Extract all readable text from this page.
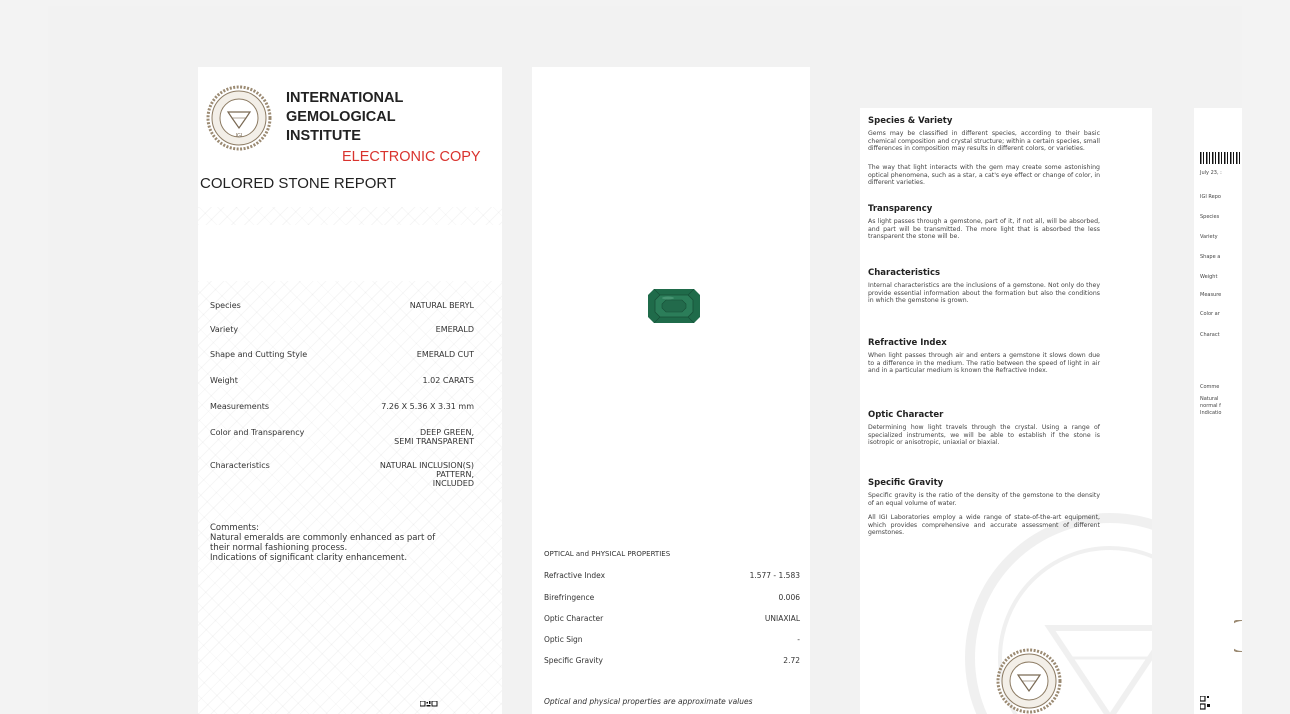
IGI
INTERNATIONAL
GEMOLOGICAL
INSTITUTE
ELECTRONIC COPY
COLORED STONE REPORT
Species	NATURAL BERYL
Variety	EMERALD
Shape and Cutting Style	EMERALD CUT
Weight	1.02 CARATS
Measurements	7.26 X 5.36 X 3.31 mm
Color and Transparency	DEEP GREEN,
SEMI TRANSPARENT
Characteristics	NATURAL INCLUSION(S)
PATTERN,
INCLUDED
Comments:
Natural emeralds are commonly enhanced as part of
their normal fashioning process.
Indications of significant clarity enhancement.	OPTICAL and PHYSICAL PROPERTIES
Refractive Index	1.577 - 1.583
Birefringence	0.006
Optic Character	UNIAXIAL
Optic Sign	-
Specific Gravity	2.72
Optical and physical properties are approximate values
Species & Variety
Gems may be classified in different species, according to their basic chemical composition and crystal structure; within a certain species, small differences in composition may results in different colors, or varieties.
The way that light interacts with the gem may create some astonishing optical phenomena, such as a star, a cat's eye effect or change of color, in different varieties.
Transparency
As light passes through a gemstone, part of it, if not all, will be absorbed, and part will be transmitted. The more light that is absorbed the less transparent the stone will be.
Characteristics
Internal characteristics are the inclusions of a gemstone. Not only do they provide essential information about the formation but also the conditions in which the gemstone is grown.
Refractive Index
When light passes through air and enters a gemstone it slows down due to a difference in the medium. The ratio between the speed of light in air and in a particular medium is known the Refractive Index.
Optic Character
Determining how light travels through the crystal. Using a range of specialized instruments, we will be able to establish if the stone is isotropic or anisotropic, uniaxial or biaxial.
Specific Gravity
Specific gravity is the ratio of the density of the gemstone to the density of an equal volume of water.
All IGI Laboratories employ a wide range of state-of-the-art equipment, which provides comprehensive and accurate assessment of different gemstones.
July 23, :
IGI Repo
Species
Variety
Shape a
Weight
Measure
Color ar
Charact
Comme
Natural
normal f
Indicatio
